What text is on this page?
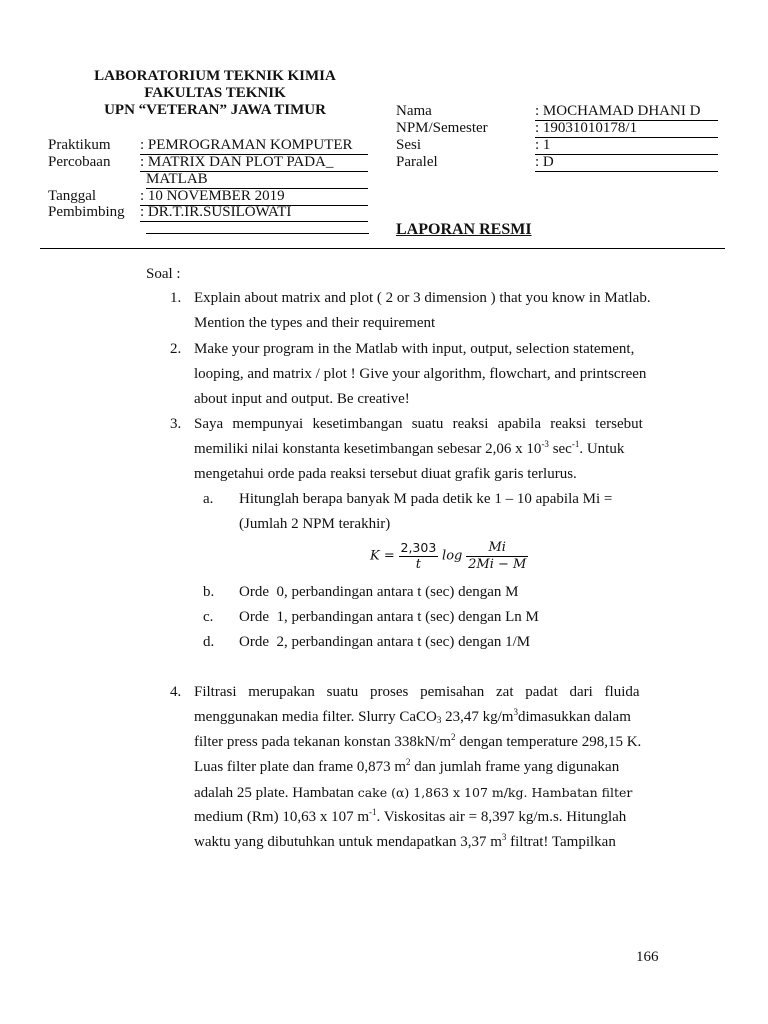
LABORATORIUM TEKNIK KIMIA
FAKULTAS TEKNIK
UPN “VETERAN” JAWA TIMUR
Praktikum : PEMROGRAMAN KOMPUTER
Percobaan : MATRIX DAN PLOT PADA_
MATLAB
Tanggal	: 10 NOVEMBER 2019
Pembimbing : DR.T.IR.SUSILOWATI
Nama	: MOCHAMAD DHANI D
NPM/Semester	: 19031010178/1
Sesi	: 1
Paralel	: D
LAPORAN RESMI
Soal :
1. Explain about matrix and plot ( 2 or 3 dimension ) that you know in Matlab.
Mention the types and their requirement
2. Make your program in the Matlab with input, output, selection statement,
looping, and matrix / plot ! Give your algorithm, flowchart, and printscreen
about input and output. Be creative!
3. Saya mempunyai kesetimbangan suatu reaksi apabila reaksi tersebut
memiliki nilai konstanta kesetimbangan sebesar 2,06 x $10^{-3}$ $\sec^{-1}$. Untuk
mengetahui orde pada reaksi tersebut diuat grafik garis terlurus.
a. Hitunglah berapa banyak M pada detik ke 1 – 10 apabila Mi =
(Jumlah 2 NPM terakhir)
$K = \frac{2,303}{t}$ $\log \frac{Mi}{2Mi - M}$
b. Orde  0, perbandingan antara t (sec) dengan M
c. Orde  1, perbandingan antara t (sec) dengan Ln M
d. Orde  2, perbandingan antara t (sec) dengan 1/M
4. Filtrasi merupakan suatu proses pemisahan zat padat dari fluida
menggunakan media filter. Slurry CaCO$_3$ 23,47 $kg/m^3dimasukkan$ dalam
filter press pada tekanan konstan $338kN/m^2$ dengan temperature 298,15 K.
Luas filter plate dan frame 0,873 $m^2$ dan jumlah frame yang digunakan
adalah 25 plate. Hambatan cake (α) 1,863 x 107 m/kg. Hambatan filter
medium (Rm) 10,63 x 107 $m^{-1}$. Viskositas air = 8,397 kg/m.s. Hitunglah
waktu yang dibutuhkan untuk mendapatkan 3,37 $m^3$ filtrat! Tampilkan
166
